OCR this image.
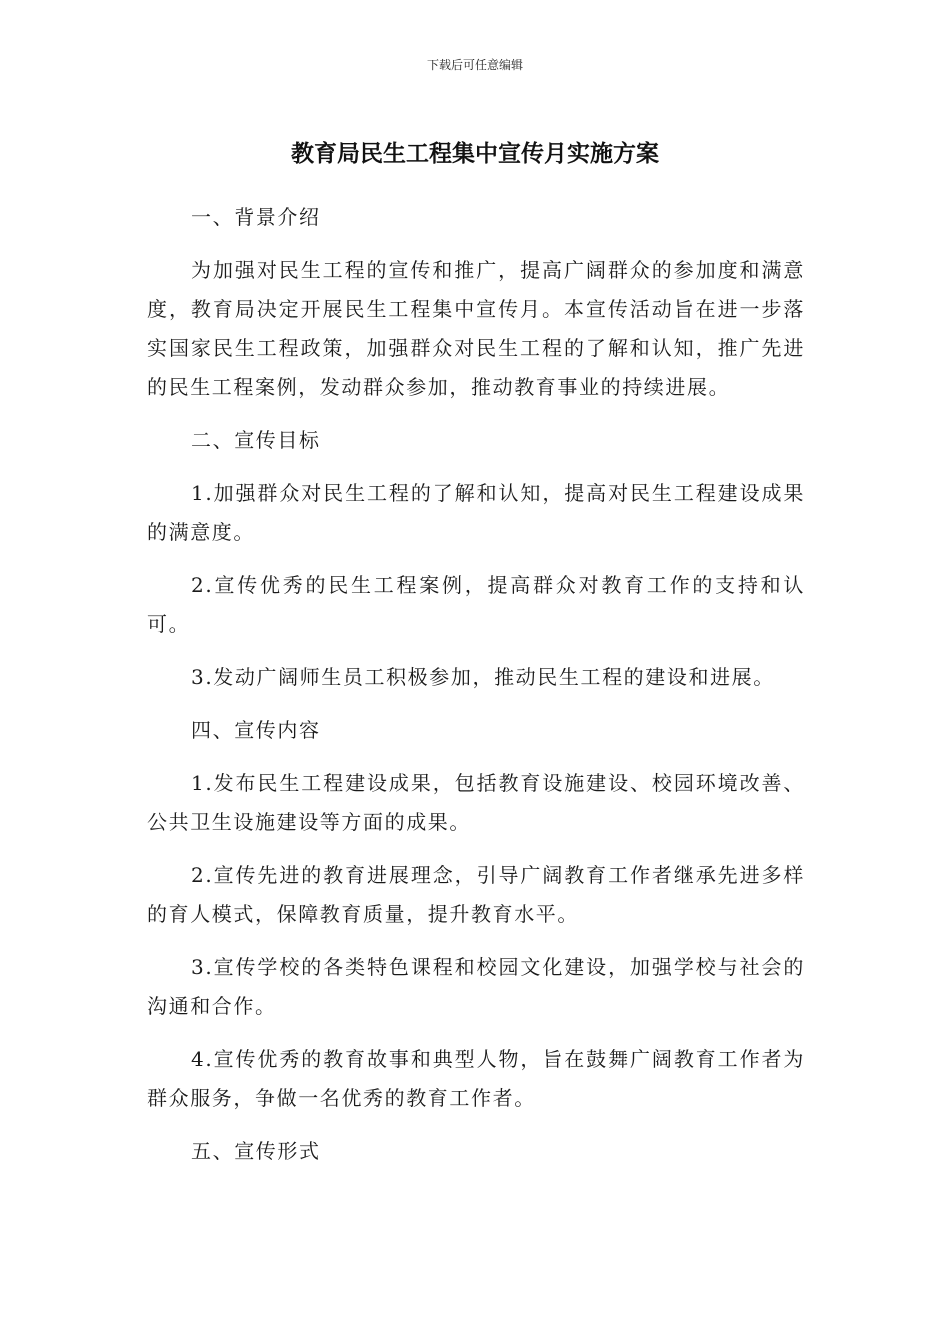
下载后可任意编辑
教育局民生工程集中宣传月实施方案

一、背景介绍

为加强对民生工程的宣传和推广，提高广阔群众的参加度和满意度，教育局决定开展民生工程集中宣传月。本宣传活动旨在进一步落实国家民生工程政策，加强群众对民生工程的了解和认知，推广先进的民生工程案例，发动群众参加，推动教育事业的持续进展。

二、宣传目标

1.加强群众对民生工程的了解和认知，提高对民生工程建设成果的满意度。

2.宣传优秀的民生工程案例，提高群众对教育工作的支持和认可。

3.发动广阔师生员工积极参加，推动民生工程的建设和进展。

四、宣传内容

1.发布民生工程建设成果，包括教育设施建设、校园环境改善、公共卫生设施建设等方面的成果。

2.宣传先进的教育进展理念，引导广阔教育工作者继承先进多样的育人模式，保障教育质量，提升教育水平。

3.宣传学校的各类特色课程和校园文化建设，加强学校与社会的沟通和合作。

4.宣传优秀的教育故事和典型人物，旨在鼓舞广阔教育工作者为群众服务，争做一名优秀的教育工作者。

五、宣传形式
